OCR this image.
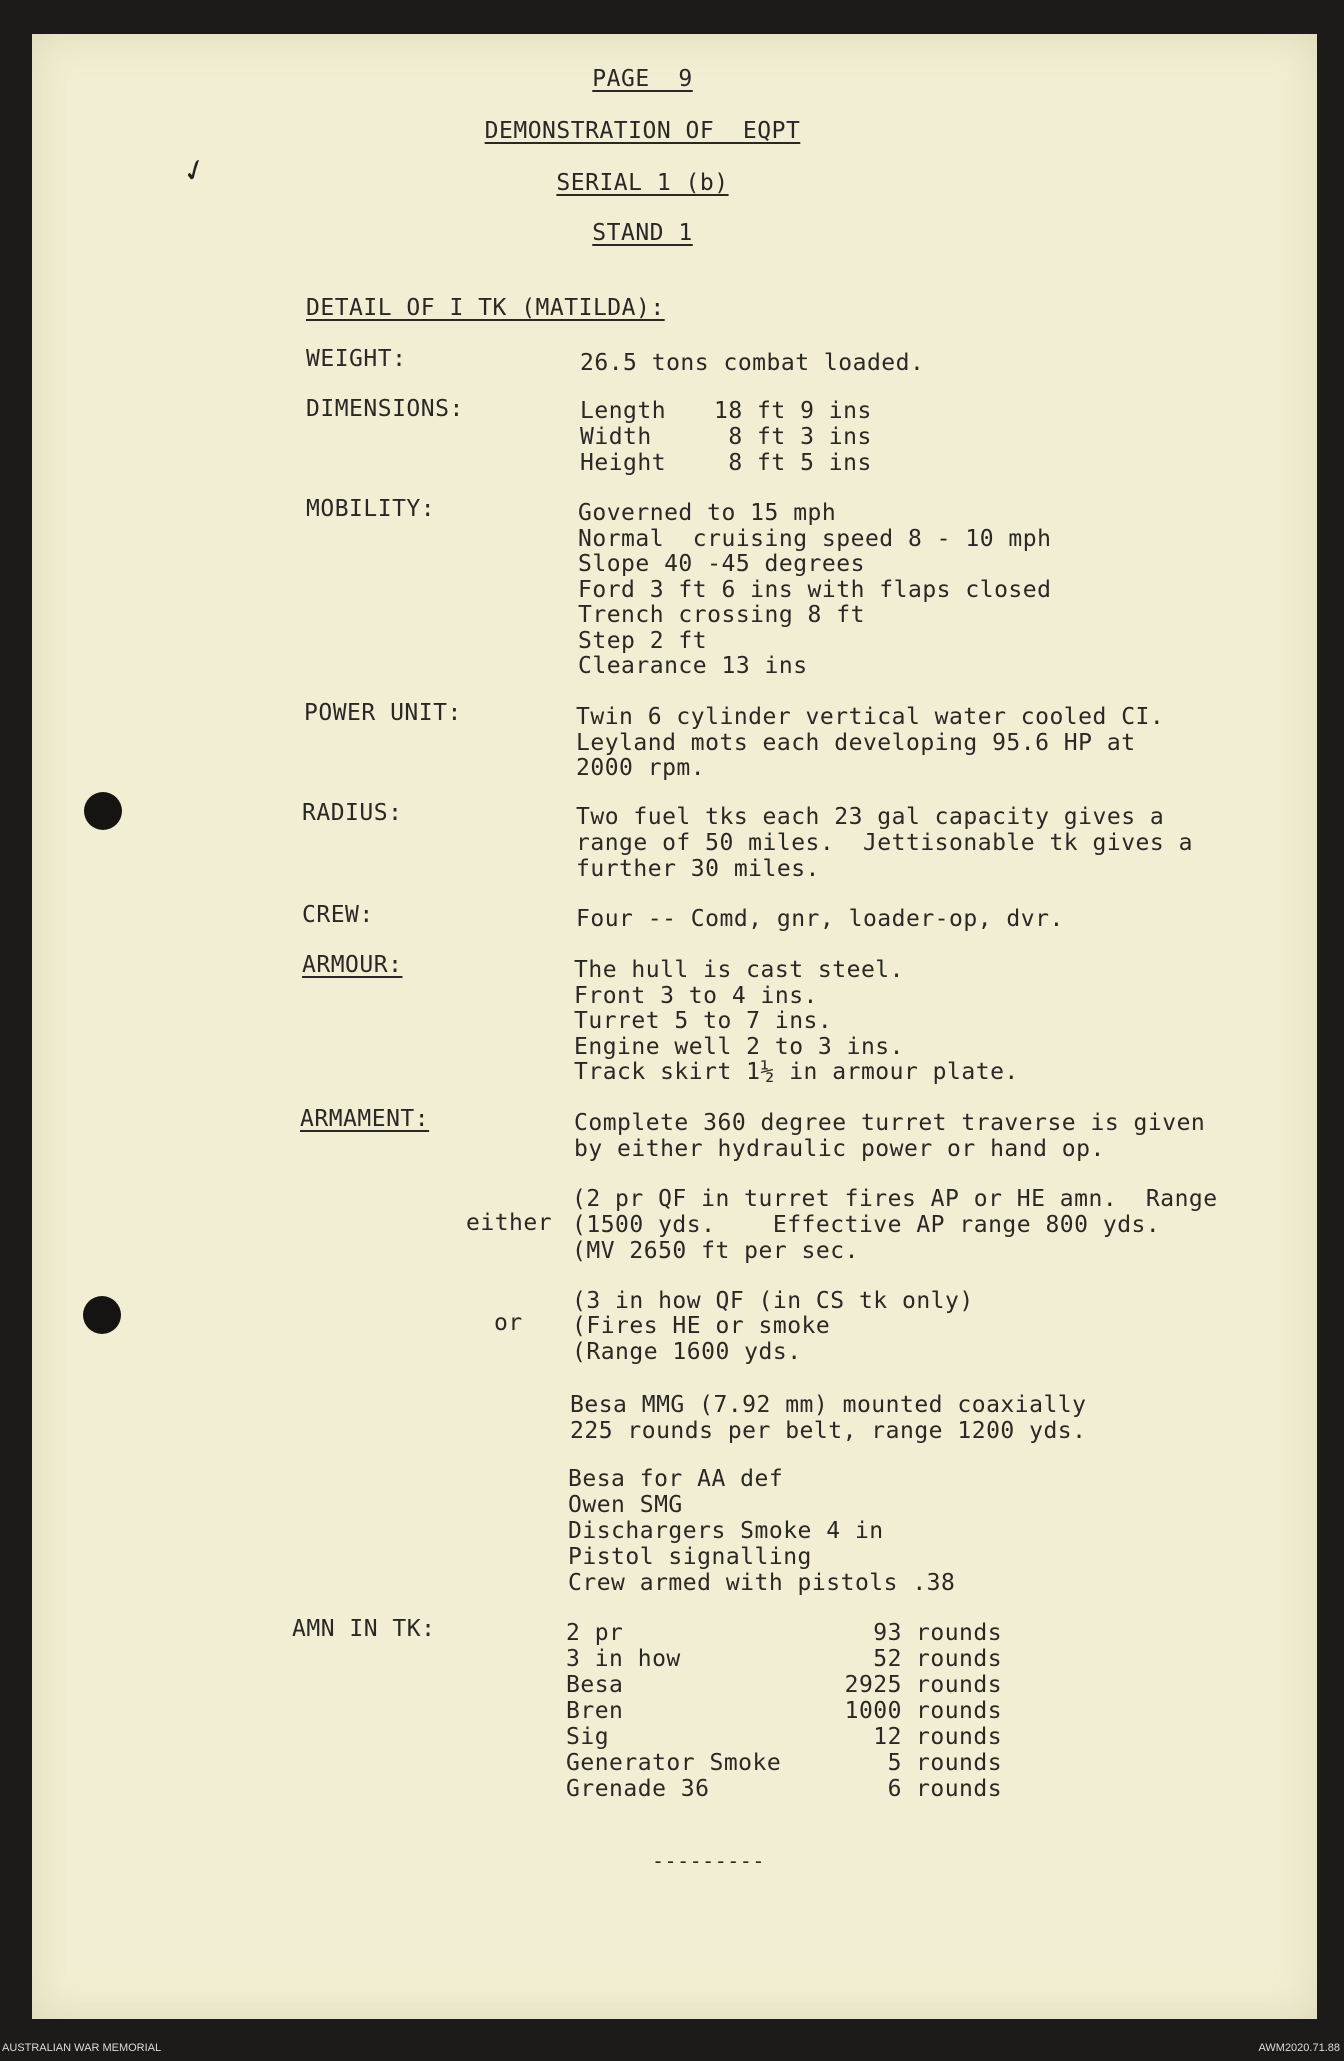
✓
PAGE  9
DEMONSTRATION OF  EQPT
SERIAL 1 (b)
STAND 1
DETAIL OF I TK (MATILDA):
WEIGHT:	26.5 tons combat loaded.
DIMENSIONS:	Length 18 ft 9 ins
Width	8 ft 3 ins
Height 8 ft 5 ins
MOBILITY:	Governed to 15 mph
Normal  cruising speed 8 - 10 mph
Slope 40 -45 degrees
Ford 3 ft 6 ins with flaps closed
Trench crossing 8 ft
Step 2 ft
Clearance 13 ins
POWER UNIT:	Twin 6 cylinder vertical water cooled CI.
Leyland mots each developing 95.6 HP at
2000 rpm.
RADIUS:	Two fuel tks each 23 gal capacity gives a
range of 50 miles.  Jettisonable tk gives a
further 30 miles.
CREW:	Four -- Comd, gnr, loader-op, dvr.
ARMOUR:	The hull is cast steel.
Front 3 to 4 ins.
Turret 5 to 7 ins.
Engine well 2 to 3 ins.
Track skirt 1½ in armour plate.
ARMAMENT:	Complete 360 degree turret traverse is given
by either hydraulic power or hand op.
either
(2 pr QF in turret fires AP or HE amn.  Range
(1500 yds.    Effective AP range 800 yds.
(MV 2650 ft per sec.
or
(3 in how QF (in CS tk only)
(Fires HE or smoke
(Range 1600 yds.
Besa MMG (7.92 mm) mounted coaxially
225 rounds per belt, range 1200 yds.
Besa for AA def
Owen SMG
Dischargers Smoke 4 in
Pistol signalling
Crew armed with pistols .38
AMN IN TK:	2 pr	93 rounds
3 in how	52 rounds
Besa	2925 rounds
Bren	1000 rounds
Sig	12 rounds
Generator Smoke	5 rounds
Grenade 36	6 rounds
---------
AUSTRALIAN WAR MEMORIAL	AWM2020.71.88
